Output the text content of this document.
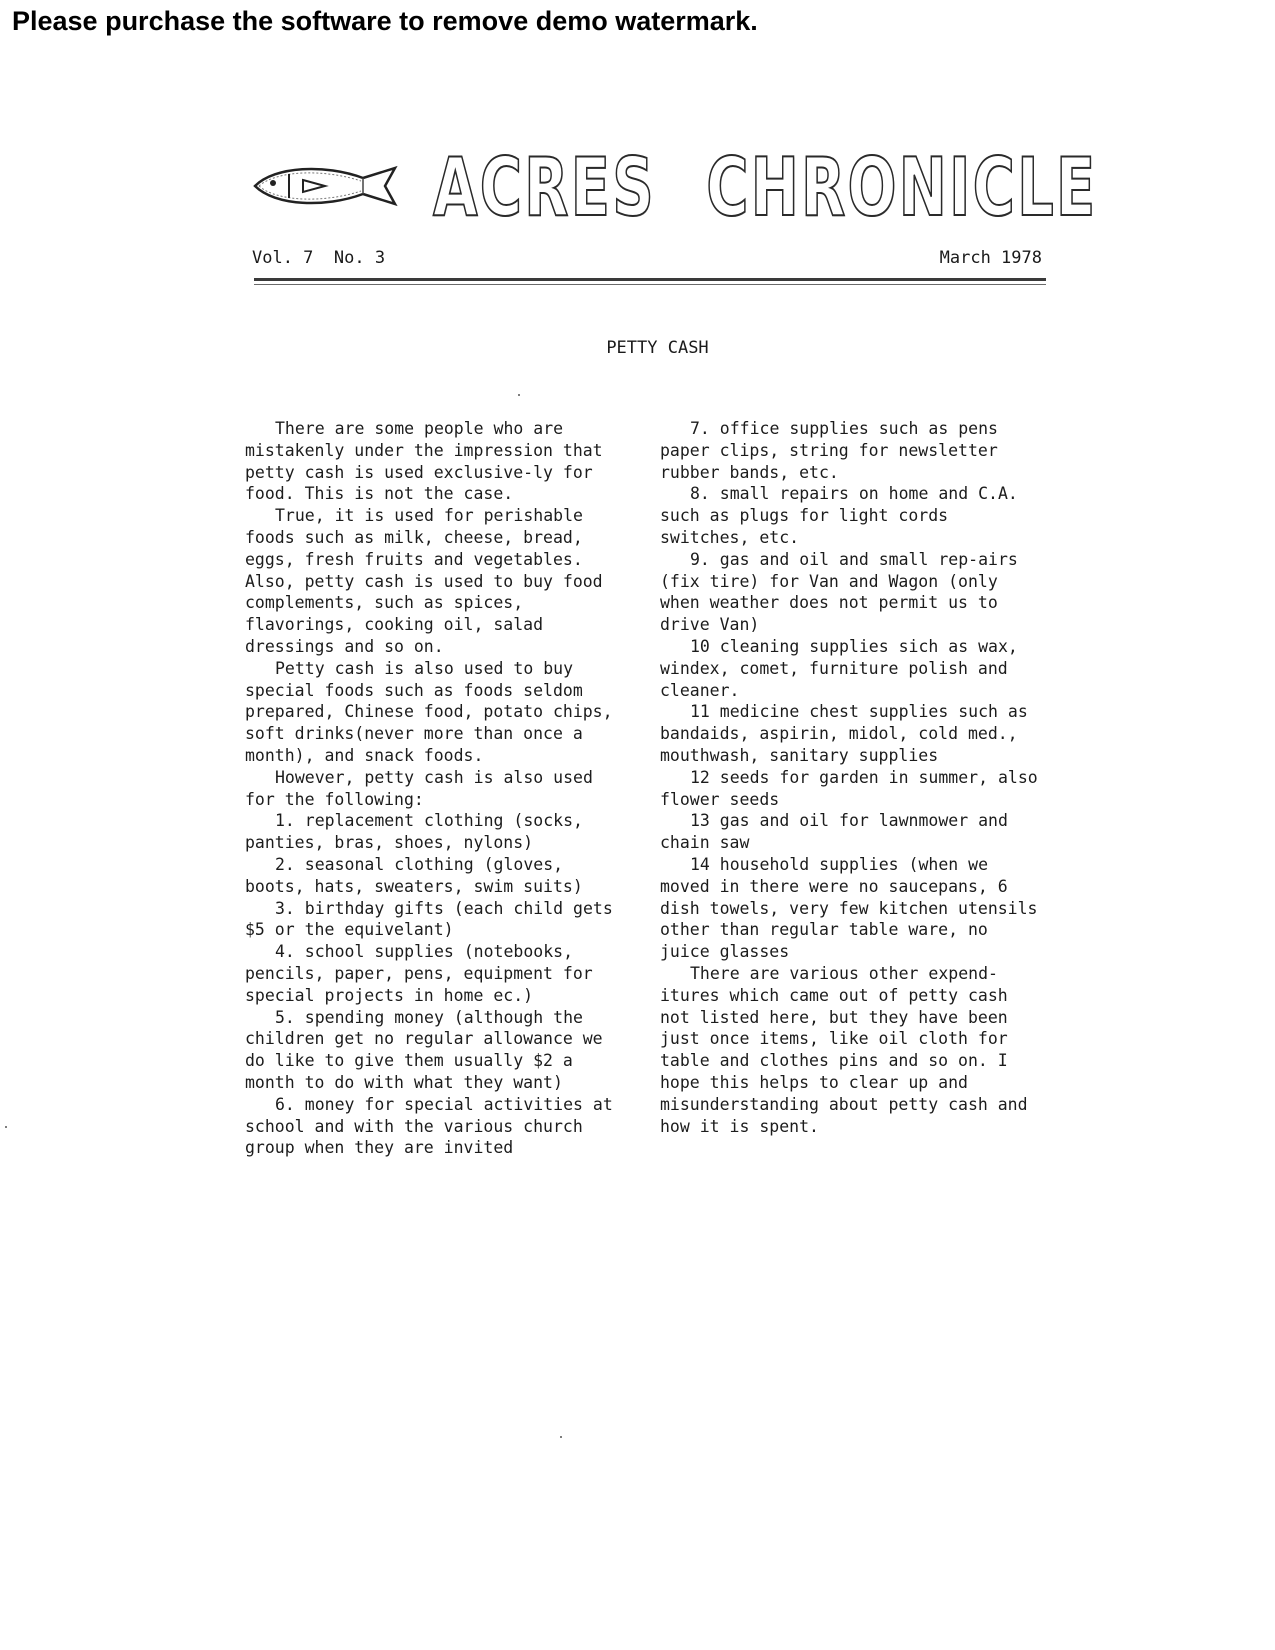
Please purchase the software to remove demo watermark.
ACRES CHRONICLE
Vol. 7  No. 3	March 1978
PETTY CASH

There are some people who are mistakenly under the impression that petty cash is used exclusive-ly for food. This is not the case.

True, it is used for perishable foods such as milk, cheese, bread, eggs, fresh fruits and vegetables. Also, petty cash is used to buy food complements, such as spices, flavorings, cooking oil, salad dressings and so on.

Petty cash is also used to buy special foods such as foods seldom prepared, Chinese food, potato chips, soft drinks(never more than once a month), and snack foods.

However, petty cash is also used for the following:

1. replacement clothing (socks, panties, bras, shoes, nylons)

2. seasonal clothing (gloves, boots, hats, sweaters, swim suits)

3. birthday gifts (each child gets $5 or the equivelant)

4. school supplies (notebooks, pencils, paper, pens, equipment for special projects in home ec.)

5. spending money (although the children get no regular allowance we do like to give them usually $2 a month to do with what they want)

6. money for special activities at school and with the various church group when they are invited

7. office supplies such as pens paper clips, string for newsletter rubber bands, etc.

8. small repairs on home and C.A. such as plugs for light cords switches, etc.

9. gas and oil and small rep-airs (fix tire) for Van and Wagon (only when weather does not permit us to drive Van)

10 cleaning supplies sich as wax, windex, comet, furniture polish and cleaner.

11 medicine chest supplies such as bandaids, aspirin, midol, cold med., mouthwash, sanitary supplies

12 seeds for garden in summer, also flower seeds

13 gas and oil for lawnmower and chain saw

14 household supplies (when we moved in there were no saucepans, 6 dish towels, very few kitchen utensils other than regular table ware, no juice glasses

There are various other expend-itures which came out of petty cash not listed here, but they have been just once items, like oil cloth for table and clothes pins and so on. I hope this helps to clear up and misunderstanding about petty cash and how it is spent.
